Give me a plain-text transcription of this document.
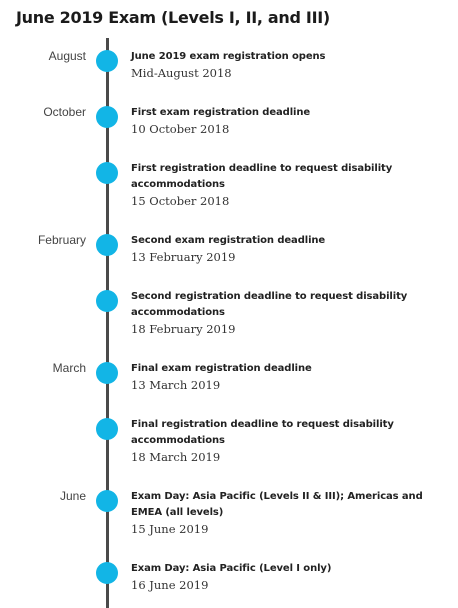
June 2019 Exam (Levels I, II, and III)
August	June 2019 exam registration opens
Mid-August 2018
October	First exam registration deadline
10 October 2018
First registration deadline to request disability accommodations
15 October 2018
February	Second exam registration deadline
13 February 2019
Second registration deadline to request disability accommodations
18 February 2019
March	Final exam registration deadline
13 March 2019
Final registration deadline to request disability accommodations
18 March 2019
June	Exam Day: Asia Pacific (Levels II & III); Americas and EMEA (all levels)
15 June 2019
Exam Day: Asia Pacific (Level I only)
16 June 2019
